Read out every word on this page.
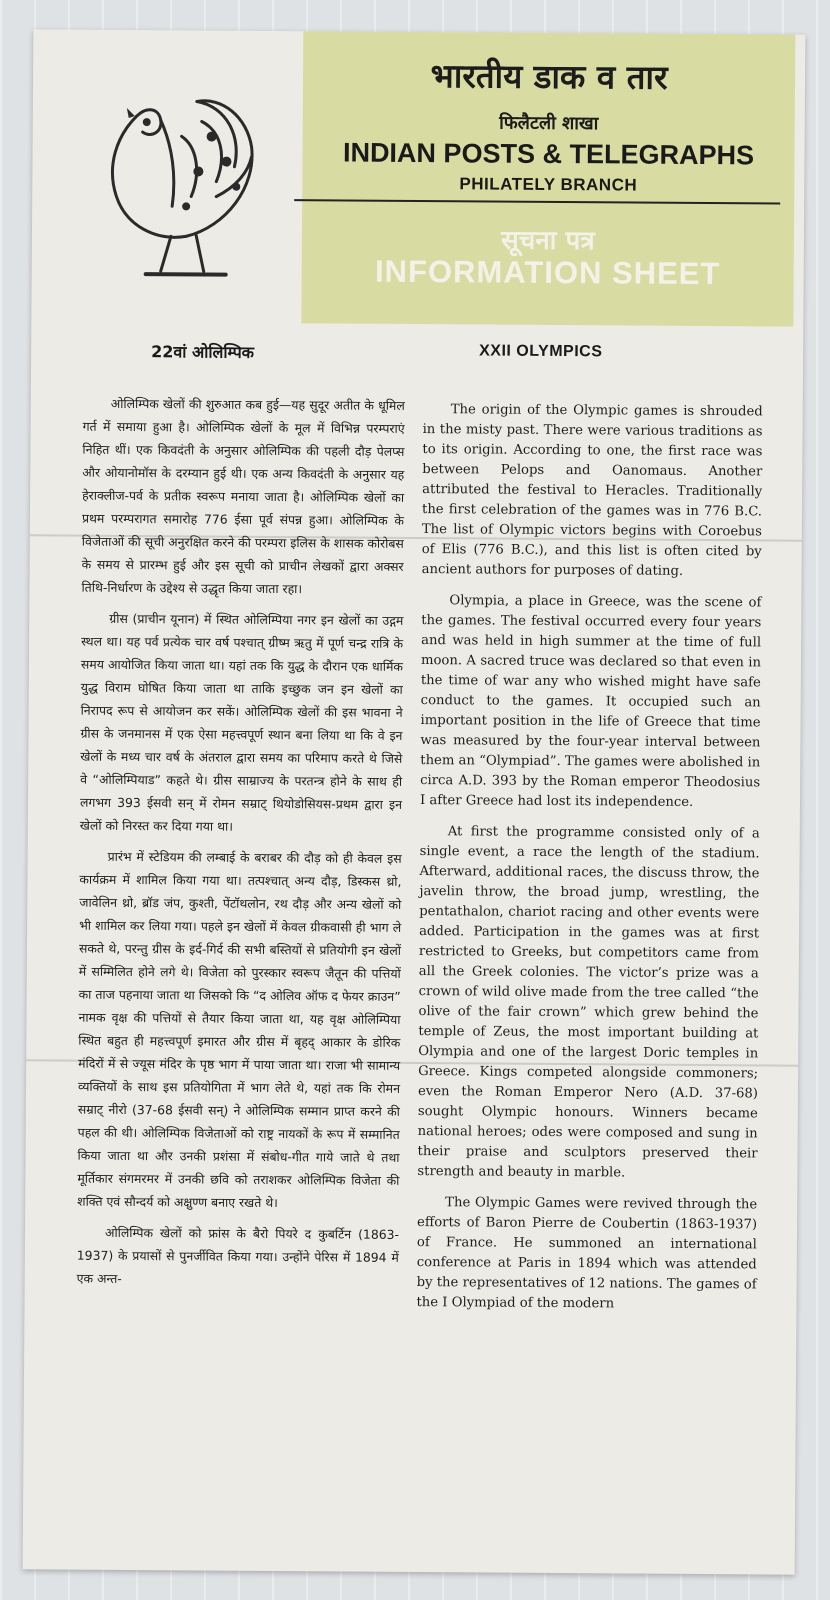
भारतीय डाक व तार
फिलैटली शाखा
INDIAN POSTS & TELEGRAPHS
PHILATELY BRANCH
सूचना पत्र
INFORMATION SHEET
22वां ओलिम्पिक	XXII OLYMPICS

ओलिम्पिक खेलों की शुरुआत कब हुई—यह सुदूर अतीत के धूमिल गर्त में समाया हुआ है। ओलिम्पिक खेलों के मूल में विभिन्न परम्पराएं निहित थीं। एक किवदंती के अनुसार ओलिम्पिक की पहली दौड़ पेलप्स और ओयानोमॉस के दरम्यान हुई थी। एक अन्य किवदंती के अनुसार यह हेराक्लीज-पर्व के प्रतीक स्वरूप मनाया जाता है। ओलिम्पिक खेलों का प्रथम परम्परागत समारोह 776 ईसा पूर्व संपन्न हुआ। ओलिम्पिक के विजेताओं की सूची अनुरक्षित करने की परम्परा इलिस के शासक कोरोबस के समय से प्रारम्भ हुई और इस सूची को प्राचीन लेखकों द्वारा अक्सर तिथि-निर्धारण के उद्देश्य से उद्धृत किया जाता रहा।

ग्रीस (प्राचीन यूनान) में स्थित ओलिम्पिया नगर इन खेलों का उद्गम स्थल था। यह पर्व प्रत्येक चार वर्ष पश्चात् ग्रीष्म ऋतु में पूर्ण चन्द्र रात्रि के समय आयोजित किया जाता था। यहां तक कि युद्ध के दौरान एक धार्मिक युद्ध विराम घोषित किया जाता था ताकि इच्छुक जन इन खेलों का निरापद रूप से आयोजन कर सकें। ओलिम्पिक खेलों की इस भावना ने ग्रीस के जनमानस में एक ऐसा महत्त्वपूर्ण स्थान बना लिया था कि वे इन खेलों के मध्य चार वर्ष के अंतराल द्वारा समय का परिमाप करते थे जिसे वे “ओलिम्पियाड” कहते थे। ग्रीस साम्राज्य के परतन्त्र होने के साथ ही लगभग 393 ईसवी सन् में रोमन सम्राट् थियोडोसियस-प्रथम द्वारा इन खेलों को निरस्त कर दिया गया था।

प्रारंभ में स्टेडियम की लम्बाई के बराबर की दौड़ को ही केवल इस कार्यक्रम में शामिल किया गया था। तत्पश्चात् अन्य दौड़, डिस्कस थ्रो, जावेलिन थ्रो, ब्रॉड जंप, कुश्ती, पेंटॉथलोन, रथ दौड़ और अन्य खेलों को भी शामिल कर लिया गया। पहले इन खेलों में केवल ग्रीकवासी ही भाग ले सकते थे, परन्तु ग्रीस के इर्द-गिर्द की सभी बस्तियों से प्रतियोगी इन खेलों में सम्मिलित होने लगे थे। विजेता को पुरस्कार स्वरूप जैतून की पत्तियों का ताज पहनाया जाता था जिसको कि “द ओलिव ऑफ द फेयर क्राउन” नामक वृक्ष की पत्तियों से तैयार किया जाता था, यह वृक्ष ओलिम्पिया स्थित बहुत ही महत्त्वपूर्ण इमारत और ग्रीस में बृहद् आकार के डोरिक मंदिरों में से ज्यूस मंदिर के पृष्ठ भाग में पाया जाता था। राजा भी सामान्य व्यक्तियों के साथ इस प्रतियोगिता में भाग लेते थे, यहां तक कि रोमन सम्राट् नीरो (37-68 ईसवी सन्) ने ओलिम्पिक सम्मान प्राप्त करने की पहल की थी। ओलिम्पिक विजेताओं को राष्ट्र नायकों के रूप में सम्मानित किया जाता था और उनकी प्रशंसा में संबोध-गीत गाये जाते थे तथा मूर्तिकार संगमरमर में उनकी छवि को तराशकर ओलिम्पिक विजेता की शक्ति एवं सौन्दर्य को अक्षुण्ण बनाए रखते थे।

ओलिम्पिक खेलों को फ्रांस के बैरो पियरे द कुबर्टिन (1863-1937) के प्रयासों से पुनर्जीवित किया गया। उन्होंने पेरिस में 1894 में एक अन्त-

The origin of the Olympic games is shrouded in the misty past. There were various traditions as to its origin. According to one, the first race was between Pelops and Oanomaus. Another attributed the festival to Heracles. Traditionally the first celebration of the games was in 776 B.C. The list of Olympic victors begins with Coroebus of Elis (776 B.C.), and this list is often cited by ancient authors for purposes of dating.

Olympia, a place in Greece, was the scene of the games. The festival occurred every four years and was held in high summer at the time of full moon. A sacred truce was declared so that even in the time of war any who wished might have safe conduct to the games. It occupied such an important position in the life of Greece that time was measured by the four-year interval between them an “Olympiad”. The games were abolished in circa A.D. 393 by the Roman emperor Theodosius I after Greece had lost its independence.

At first the programme consisted only of a single event, a race the length of the stadium. Afterward, additional races, the discuss throw, the javelin throw, the broad jump, wrestling, the pentathalon, chariot racing and other events were added. Participation in the games was at first restricted to Greeks, but competitors came from all the Greek colonies. The victor’s prize was a crown of wild olive made from the tree called “the olive of the fair crown” which grew behind the temple of Zeus, the most important building at Olympia and one of the largest Doric temples in Greece. Kings competed alongside commoners; even the Roman Emperor Nero (A.D. 37-68) sought Olympic honours. Winners became national heroes; odes were composed and sung in their praise and sculptors preserved their strength and beauty in marble.

The Olympic Games were revived through the efforts of Baron Pierre de Coubertin (1863-1937) of France. He summoned an international conference at Paris in 1894 which was attended by the representatives of 12 nations. The games of the I Olympiad of the modern
